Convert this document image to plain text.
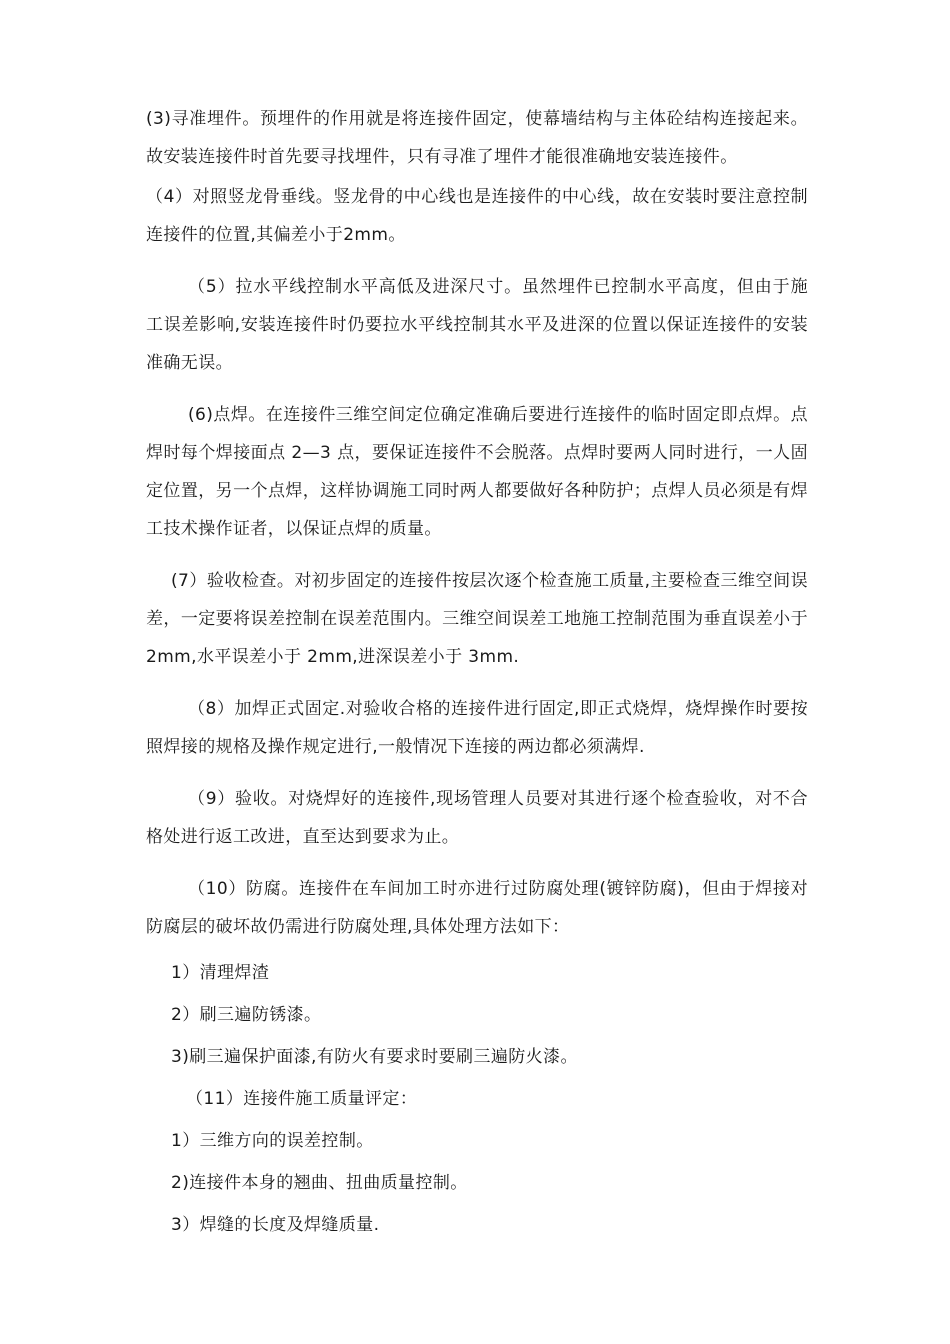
(3)寻准埋件。预埋件的作用就是将连接件固定，使幕墙结构与主体砼结构连接起来。故安装连接件时首先要寻找埋件，只有寻准了埋件才能很准确地安装连接件。

（4）对照竖龙骨垂线。竖龙骨的中心线也是连接件的中心线，故在安装时要注意控制连接件的位置,其偏差小于2mm。

（5）拉水平线控制水平高低及进深尺寸。虽然埋件已控制水平高度，但由于施工误差影响,安装连接件时仍要拉水平线控制其水平及进深的位置以保证连接件的安装准确无误。

(6)点焊。在连接件三维空间定位确定准确后要进行连接件的临时固定即点焊。点焊时每个焊接面点 2—3 点，要保证连接件不会脱落。点焊时要两人同时进行，一人固定位置，另一个点焊，这样协调施工同时两人都要做好各种防护；点焊人员必须是有焊工技术操作证者，以保证点焊的质量。

(7）验收检查。对初步固定的连接件按层次逐个检查施工质量,主要检查三维空间误差，一定要将误差控制在误差范围内。三维空间误差工地施工控制范围为垂直误差小于 2mm,水平误差小于 2mm,进深误差小于 3mm.

（8）加焊正式固定.对验收合格的连接件进行固定,即正式烧焊，烧焊操作时要按照焊接的规格及操作规定进行,一般情况下连接的两边都必须满焊.

（9）验收。对烧焊好的连接件,现场管理人员要对其进行逐个检查验收，对不合格处进行返工改进，直至达到要求为止。

（10）防腐。连接件在车间加工时亦进行过防腐处理(镀锌防腐)，但由于焊接对防腐层的破坏故仍需进行防腐处理,具体处理方法如下：

1）清理焊渣

2）刷三遍防锈漆。

3)刷三遍保护面漆,有防火有要求时要刷三遍防火漆。

（11）连接件施工质量评定：

1）三维方向的误差控制。

2)连接件本身的翘曲、扭曲质量控制。

3）焊缝的长度及焊缝质量.
